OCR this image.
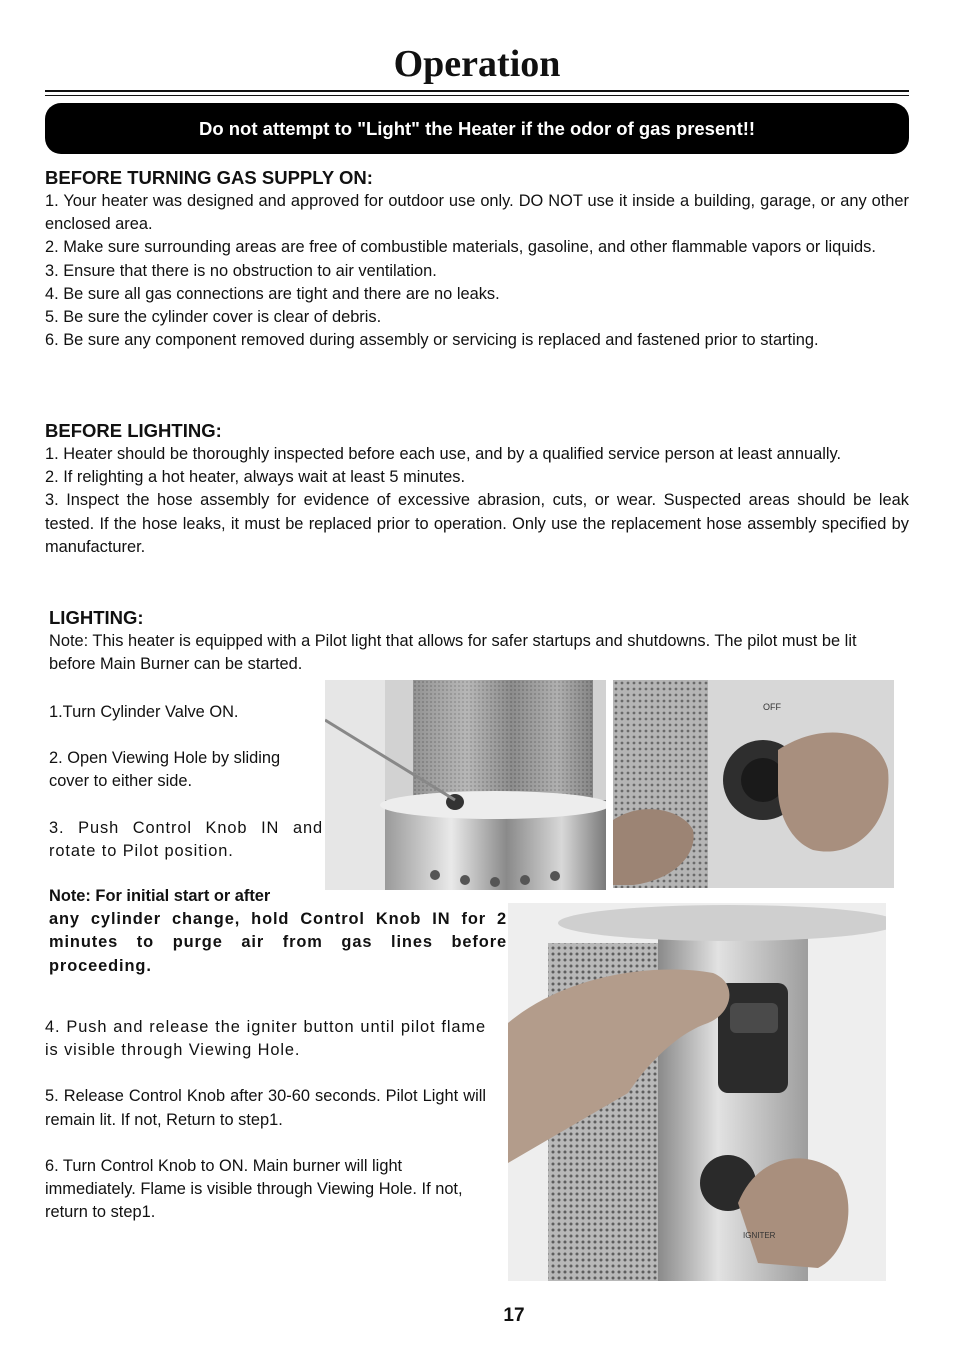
Operation
Do not attempt to "Light" the Heater if the odor of gas present!!

BEFORE TURNING GAS SUPPLY ON:

1. Your heater was designed and approved for outdoor use only. DO NOT use it inside a building, garage, or any other enclosed area.

2. Make sure surrounding areas are free of combustible materials, gasoline, and other flammable vapors or liquids.

3. Ensure that there is no obstruction to air ventilation.

4. Be sure all gas connections are tight and there are no leaks.

5. Be sure the cylinder cover is clear of debris.

6. Be sure any component removed during assembly or servicing is replaced and fastened prior to starting.

BEFORE LIGHTING:

1. Heater should be thoroughly inspected before each use, and by a qualified service person at least annually.

2. If relighting a hot heater, always wait at least 5 minutes.

3. Inspect the hose assembly for evidence of excessive abrasion, cuts, or wear. Suspected areas should be leak tested. If the hose leaks, it must be replaced prior to operation. Only use the replacement hose assembly specified by manufacturer.

LIGHTING:

Note: This heater is equipped with a Pilot light that allows for safer startups and shutdowns. The pilot must be lit before Main Burner can be started.

1.Turn Cylinder Valve ON.

2. Open Viewing Hole by sliding cover to either side.

3. Push Control Knob IN and rotate to Pilot position.

Note: For initial start or after

any cylinder change, hold Control Knob IN for 2 minutes to purge air from gas lines before proceeding.

4. Push and release the igniter button until pilot flame is visible through Viewing Hole.

5. Release Control Knob after 30-60 seconds. Pilot Light will remain lit. If not, Return to step1.

6. Turn Control Knob to ON. Main burner will light immediately. Flame is visible through Viewing Hole. If not, return to step1.

OFF
IGNITER
17
